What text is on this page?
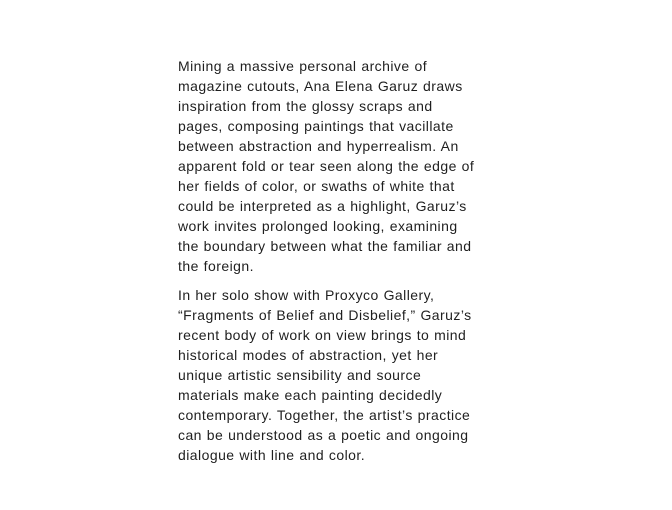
Mining a massive personal archive of
magazine cutouts, Ana Elena Garuz draws
inspiration from the glossy scraps and
pages, composing paintings that vacillate
between abstraction and hyperrealism. An
apparent fold or tear seen along the edge of
her fields of color, or swaths of white that
could be interpreted as a highlight, Garuz’s
work invites prolonged looking, examining
the boundary between what the familiar and
the foreign.

In her solo show with Proxyco Gallery,
“Fragments of Belief and Disbelief,” Garuz’s
recent body of work on view brings to mind
historical modes of abstraction, yet her
unique artistic sensibility and source
materials make each painting decidedly
contemporary. Together, the artist’s practice
can be understood as a poetic and ongoing
dialogue with line and color.
